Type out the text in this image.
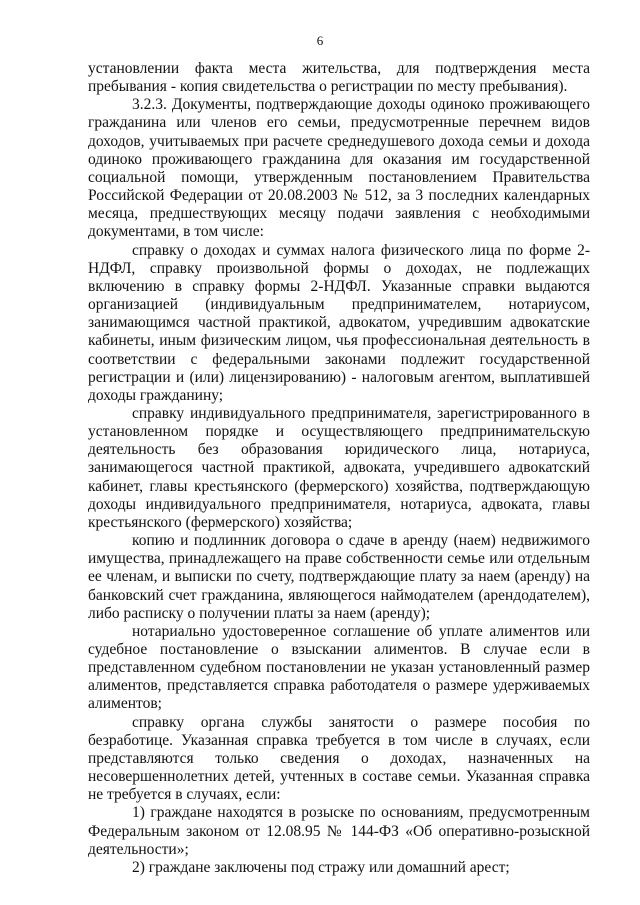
6

установлении факта места жительства, для подтверждения места пребывания - копия свидетельства о регистрации по месту пребывания).

3.2.3. Документы, подтверждающие доходы одиноко проживающего гражданина или членов его семьи, предусмотренные перечнем видов доходов, учитываемых при расчете среднедушевого дохода семьи и дохода одиноко проживающего гражданина для оказания им государственной социальной помощи, утвержденным постановлением Правительства Российской Федерации от 20.08.2003 № 512, за 3 последних календарных месяца, предшествующих месяцу подачи заявления с необходимыми документами, в том числе:

справку о доходах и суммах налога физического лица по форме 2-НДФЛ, справку произвольной формы о доходах, не подлежащих включению в справку формы 2-НДФЛ. Указанные справки выдаются организацией (индивидуальным предпринимателем, нотариусом, занимающимся частной практикой, адвокатом, учредившим адвокатские кабинеты, иным физическим лицом, чья профессиональная деятельность в соответствии с федеральными законами подлежит государственной регистрации и (или) лицензированию) - налоговым агентом, выплатившей доходы гражданину;

справку индивидуального предпринимателя, зарегистрированного в установленном порядке и осуществляющего предпринимательскую деятельность без образования юридического лица, нотариуса, занимающегося частной практикой, адвоката, учредившего адвокатский кабинет, главы крестьянского (фермерского) хозяйства, подтверждающую доходы индивидуального предпринимателя, нотариуса, адвоката, главы крестьянского (фермерского) хозяйства;

копию и подлинник договора о сдаче в аренду (наем) недвижимого имущества, принадлежащего на праве собственности семье или отдельным ее членам, и выписки по счету, подтверждающие плату за наем (аренду) на банковский счет гражданина, являющегося наймодателем (арендодателем), либо расписку о получении платы за наем (аренду);

нотариально удостоверенное соглашение об уплате алиментов или судебное постановление о взыскании алиментов. В случае если в представленном судебном постановлении не указан установленный размер алиментов, представляется справка работодателя о размере удерживаемых алиментов;

справку органа службы занятости о размере пособия по безработице. Указанная справка требуется в том числе в случаях, если представляются только сведения о доходах, назначенных на несовершеннолетних детей, учтенных в составе семьи. Указанная справка не требуется в случаях, если:

1) граждане находятся в розыске по основаниям, предусмотренным Федеральным законом от 12.08.95 № 144-ФЗ «Об оперативно-розыскной деятельности»;

2) граждане заключены под стражу или домашний арест;
